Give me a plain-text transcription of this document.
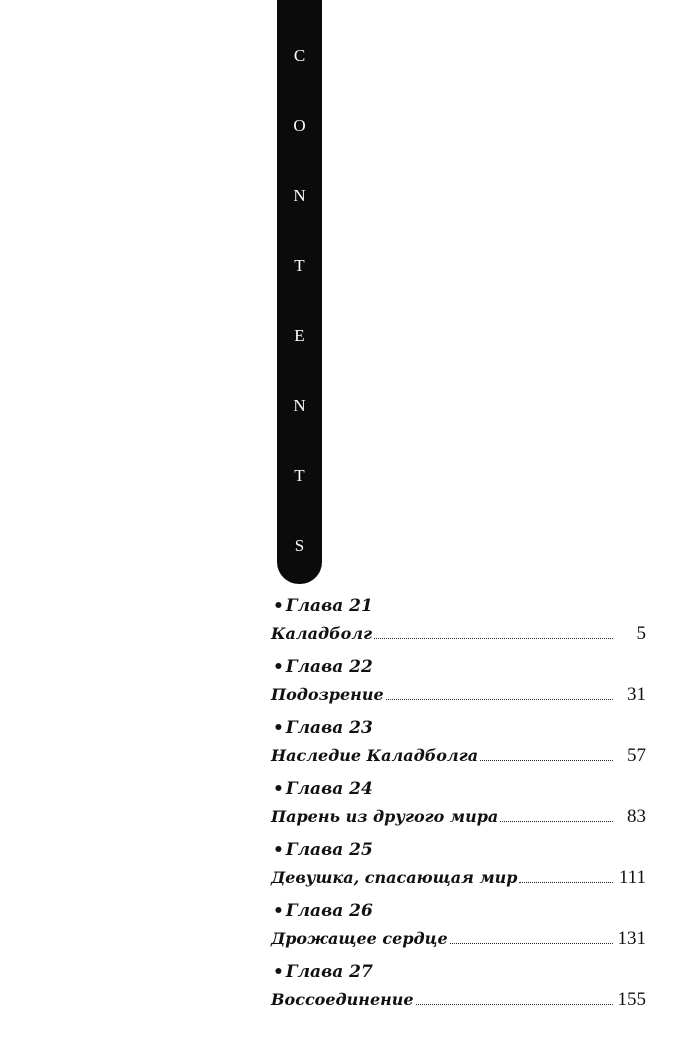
C
O
N
T
E
N
T
S
• Глава 21
Каладболг	5
• Глава 22
Подозрение	31
• Глава 23
Наследие Каладболга	57
• Глава 24
Парень из другого мира	83
• Глава 25
Девушка, спасающая мир	111
• Глава 26
Дрожащее сердце	131
• Глава 27
Воссоединение	155
